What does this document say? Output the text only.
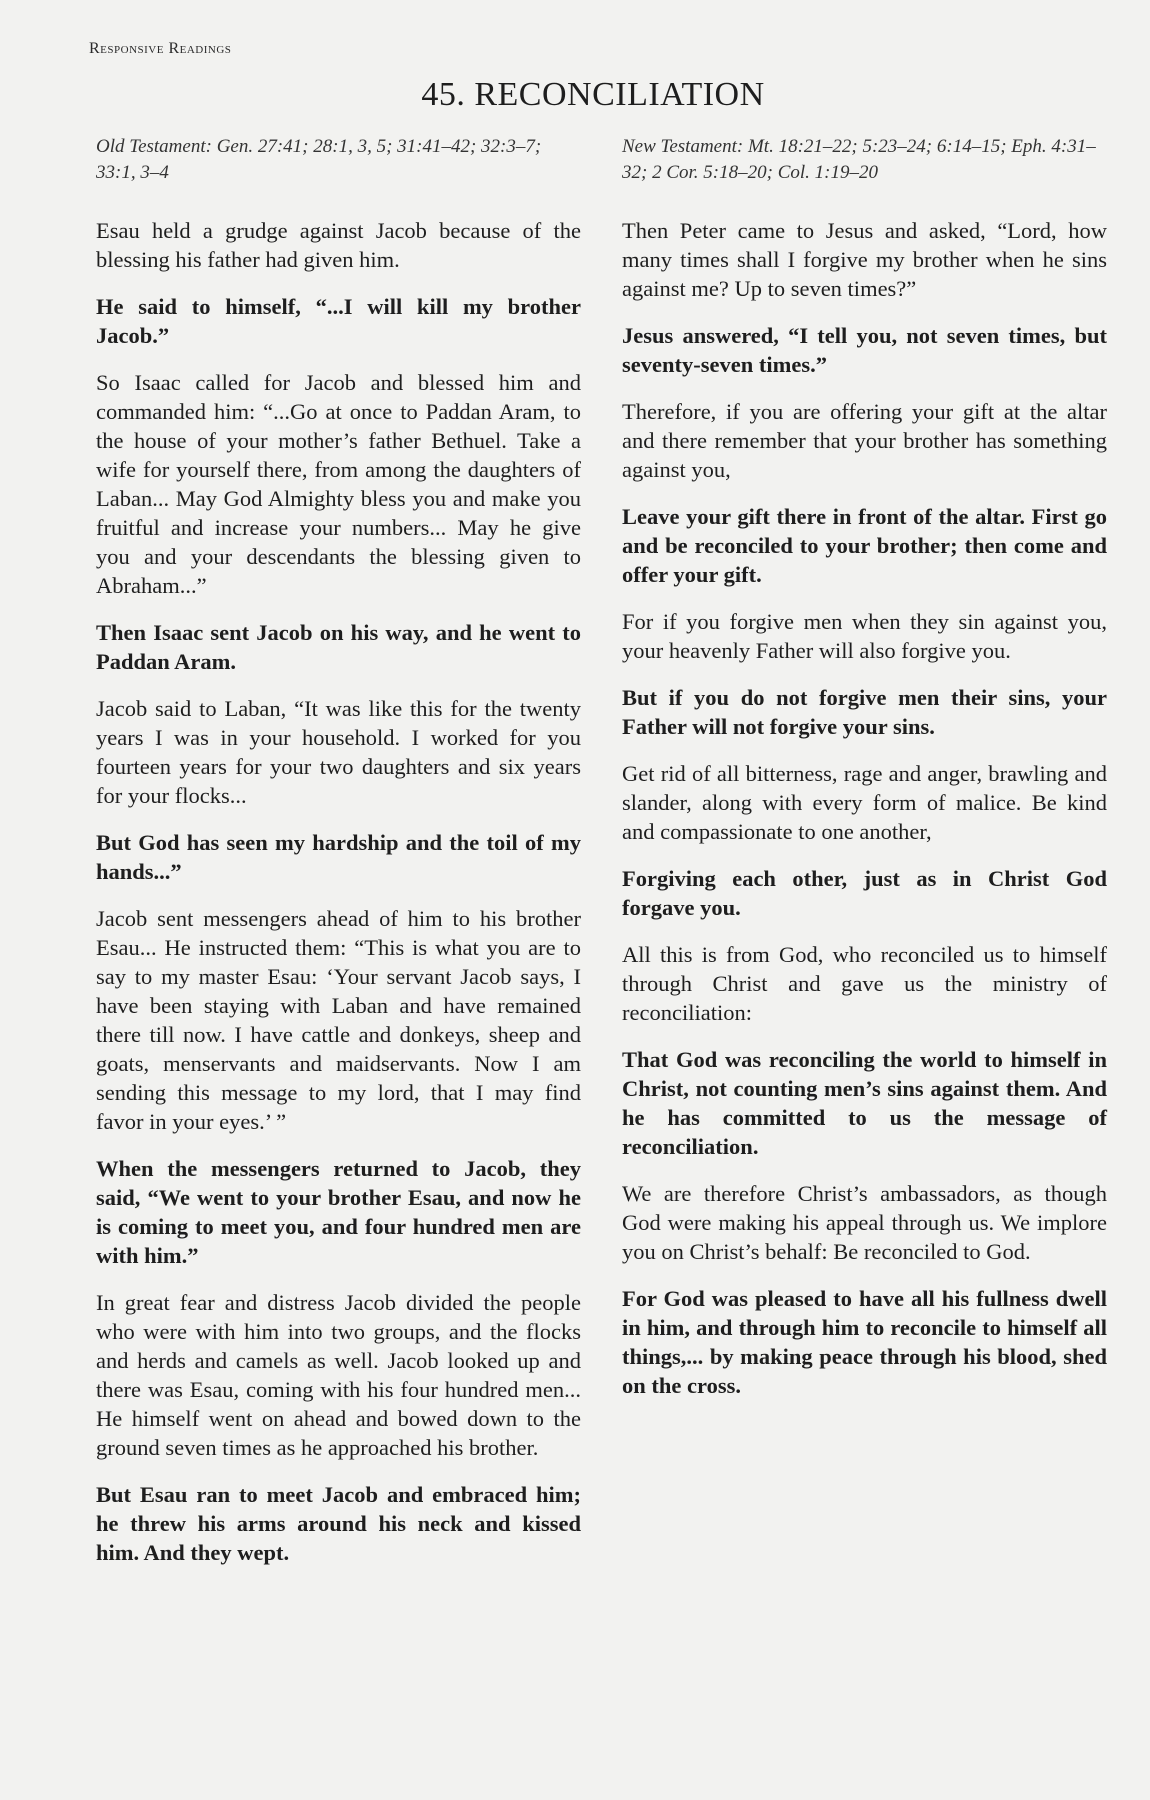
Responsive Readings
45. RECONCILIATION

Old Testament: Gen. 27:41; 28:1, 3, 5; 31:41–42; 32:3–7; 33:1, 3–4

Esau held a grudge against Jacob because of the blessing his father had given him.

He said to himself, “...I will kill my brother Jacob.”

So Isaac called for Jacob and blessed him and commanded him: “...Go at once to Paddan Aram, to the house of your mother’s father Bethuel. Take a wife for yourself there, from among the daughters of Laban... May God Almighty bless you and make you fruitful and increase your numbers... May he give you and your descendants the blessing given to Abraham...”

Then Isaac sent Jacob on his way, and he went to Paddan Aram.

Jacob said to Laban, “It was like this for the twenty years I was in your household. I worked for you fourteen years for your two daughters and six years for your flocks...

But God has seen my hardship and the toil of my hands...”

Jacob sent messengers ahead of him to his brother Esau... He instructed them: “This is what you are to say to my master Esau: ‘Your servant Jacob says, I have been staying with Laban and have remained there till now. I have cattle and donkeys, sheep and goats, menservants and maidservants. Now I am sending this message to my lord, that I may find favor in your eyes.’ ”

When the messengers returned to Jacob, they said, “We went to your brother Esau, and now he is coming to meet you, and four hundred men are with him.”

In great fear and distress Jacob divided the people who were with him into two groups, and the flocks and herds and camels as well. Jacob looked up and there was Esau, coming with his four hundred men... He himself went on ahead and bowed down to the ground seven times as he approached his brother.

But Esau ran to meet Jacob and embraced him; he threw his arms around his neck and kissed him. And they wept.

New Testament: Mt. 18:21–22; 5:23–24; 6:14–15; Eph. 4:31–32; 2 Cor. 5:18–20; Col. 1:19–20

Then Peter came to Jesus and asked, “Lord, how many times shall I forgive my brother when he sins against me? Up to seven times?”

Jesus answered, “I tell you, not seven times, but seventy-seven times.”

Therefore, if you are offering your gift at the altar and there remember that your brother has something against you,

Leave your gift there in front of the altar. First go and be reconciled to your brother; then come and offer your gift.

For if you forgive men when they sin against you, your heavenly Father will also forgive you.

But if you do not forgive men their sins, your Father will not forgive your sins.

Get rid of all bitterness, rage and anger, brawling and slander, along with every form of malice. Be kind and compassionate to one another,

Forgiving each other, just as in Christ God forgave you.

All this is from God, who reconciled us to himself through Christ and gave us the ministry of reconciliation:

That God was reconciling the world to himself in Christ, not counting men’s sins against them. And he has committed to us the message of reconciliation.

We are therefore Christ’s ambassadors, as though God were making his appeal through us. We implore you on Christ’s behalf: Be reconciled to God.

For God was pleased to have all his fullness dwell in him, and through him to reconcile to himself all things,... by making peace through his blood, shed on the cross.
